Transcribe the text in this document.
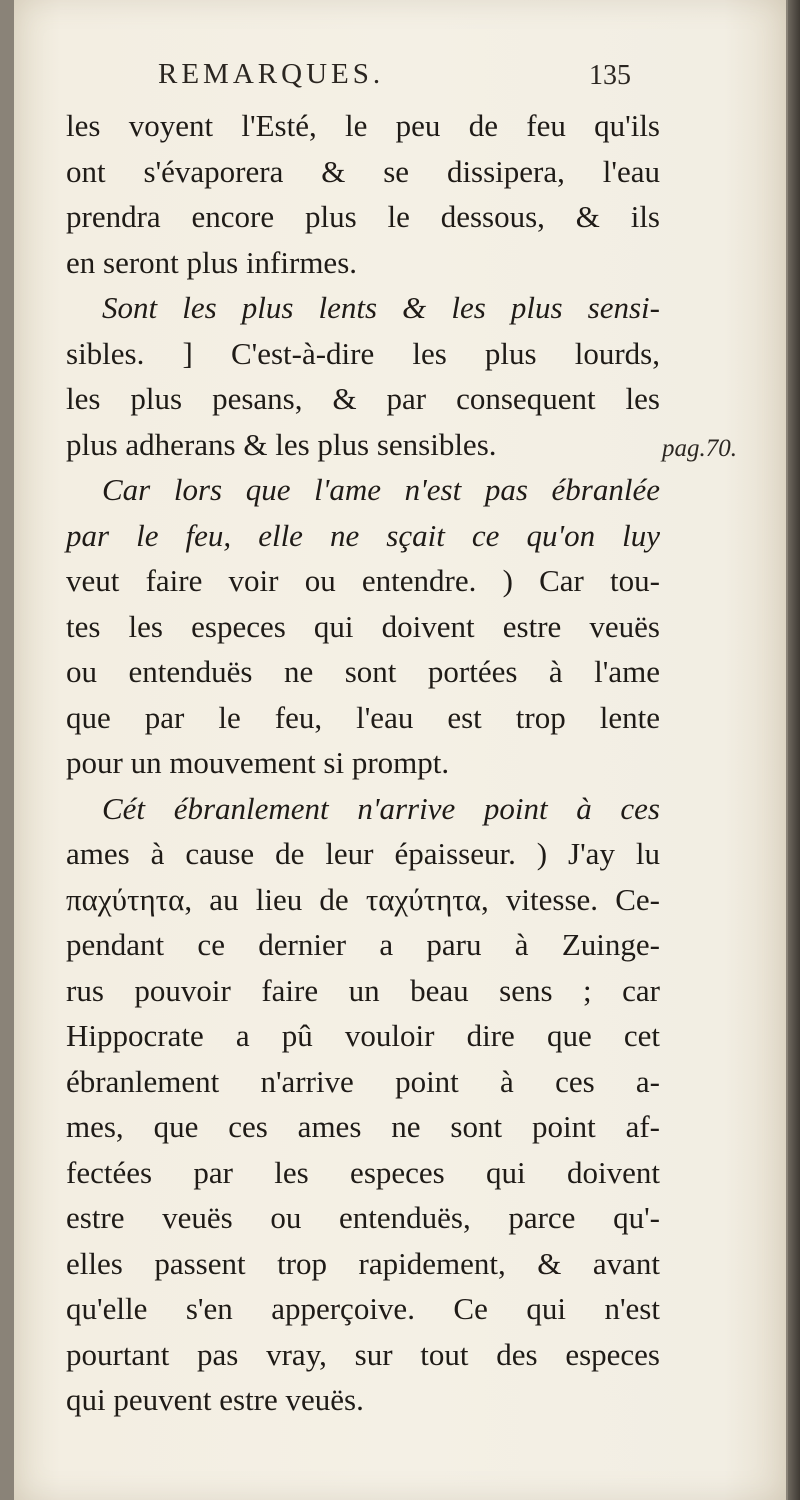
REMARQUES.	135
pag.70.
les voyent l'Esté, le peu de feu qu'ils
ont s'évaporera & se dissipera, l'eau
prendra encore plus le dessous, & ils
en seront plus infirmes.
Sont les plus lents & les plus sensi-
sibles. ] C'est-à-dire les plus lourds,
les plus pesans, & par consequent les
plus adherans & les plus sensibles.
Car lors que l'ame n'est pas ébranlée
par le feu, elle ne sçait ce qu'on luy
veut faire voir ou entendre. ) Car tou-
tes les especes qui doivent estre veuës
ou entenduës ne sont portées à l'ame
que par le feu, l'eau est trop lente
pour un mouvement si prompt.
Cét ébranlement n'arrive point à ces
ames à cause de leur épaisseur. ) J'ay lu
παχύτητα, au lieu de ταχύτητα, vitesse. Ce-
pendant ce dernier a paru à Zuinge-
rus pouvoir faire un beau sens ; car
Hippocrate a pû vouloir dire que cet
ébranlement n'arrive point à ces a-
mes, que ces ames ne sont point af-
fectées par les especes qui doivent
estre veuës ou entenduës, parce qu'-
elles passent trop rapidement, & avant
qu'elle s'en apperçoive. Ce qui n'est
pourtant pas vray, sur tout des especes
qui peuvent estre veuës.
